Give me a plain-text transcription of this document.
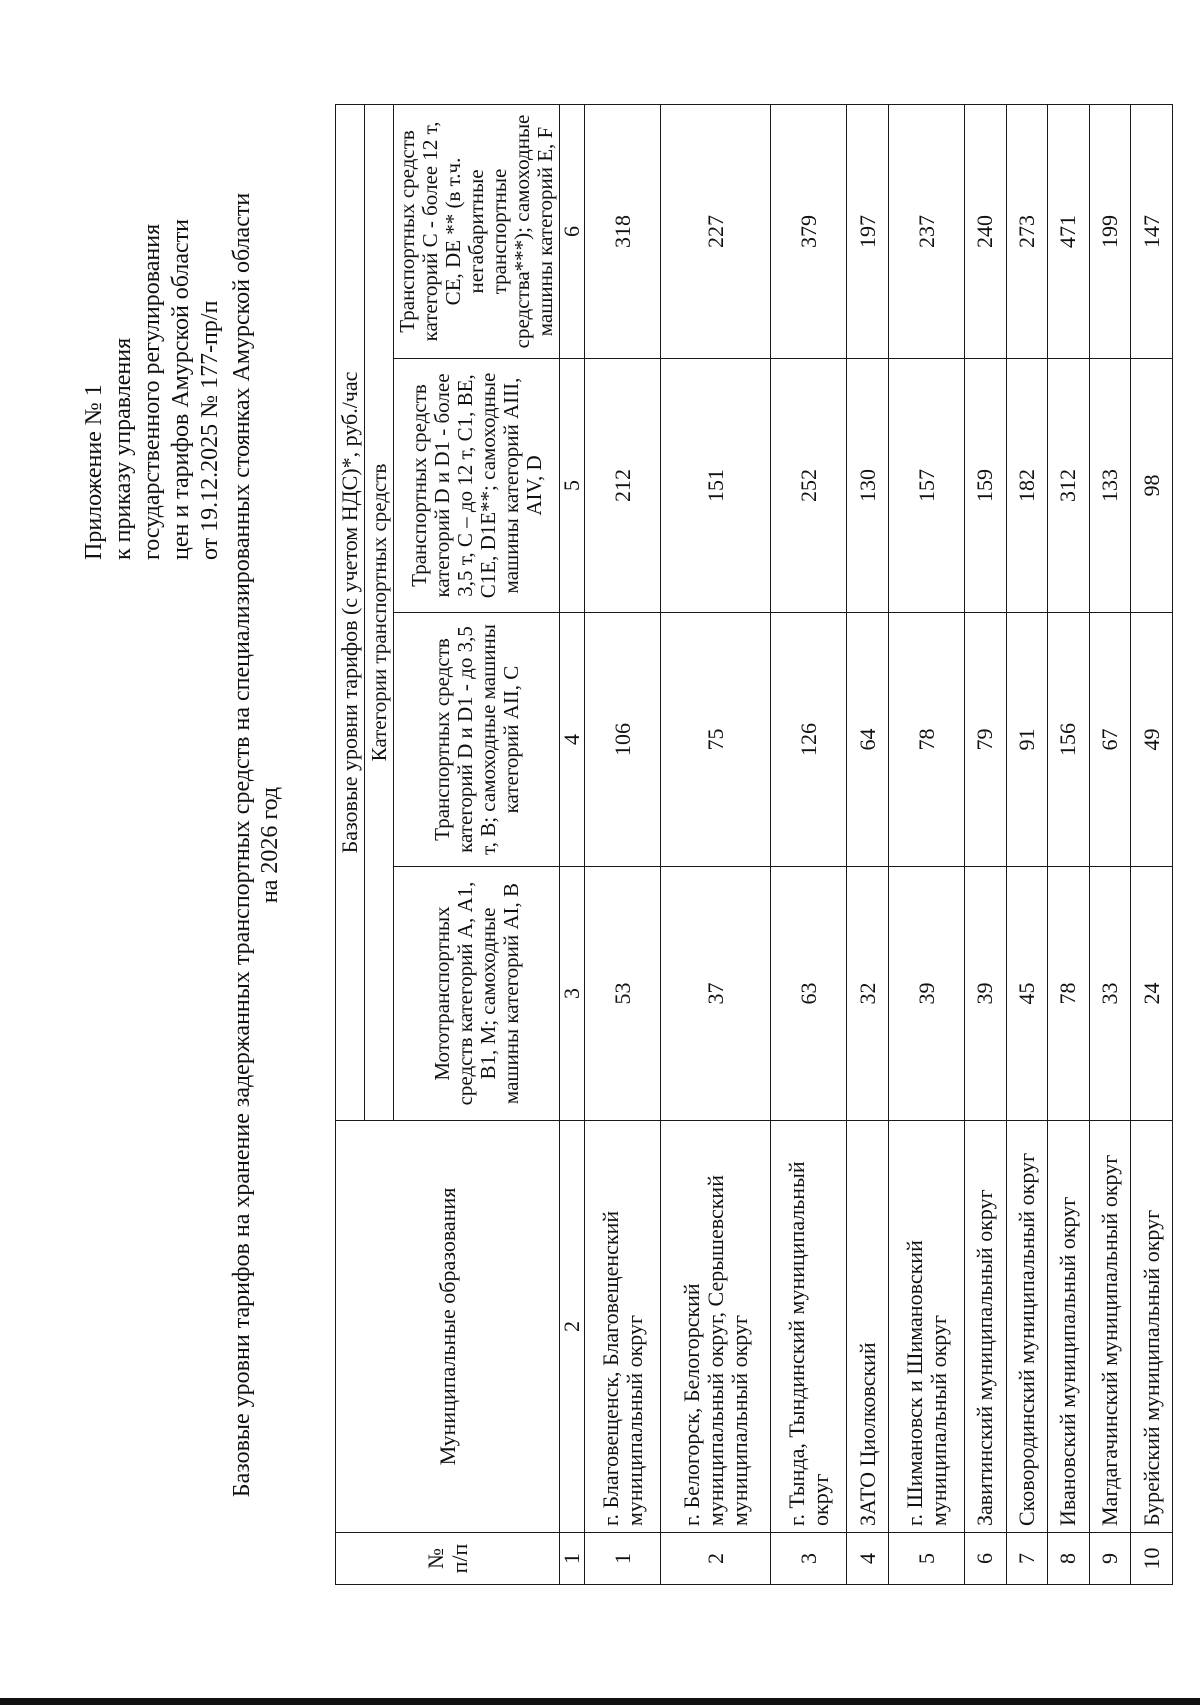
Приложение № 1 к приказу управления государственного регулирования цен и тарифов Амурской области от 19.12.2025 № 177-пр/п Базовые уровни тарифов на хранение задержанных транспортных средств на специализированных стоянках Амурской области на 2026 год
№ п/п	Муниципальные образования	Базовые уровни тарифов (с учетом НДС)*, руб./час			
		Категории транспортных средств			
		Мототранспортных средств категорий А, А1, В1, М; самоходные машины категорий AI, B	Транспортных средств категорий D и D1 - до 3,5 т, В; самоходные машины категорий AII, С	Транспортных средств категорий D и D1 - более 3,5 т, С – до 12 т, С1, BE, C1E, D1E**; самоходные машины категорий AIII, AIV, D	Транспортных средств категорий C - более 12 т, CE, DE ** (в т.ч. негабаритные транспортные средства***); самоходные машины категорий E, F
1	2	3	4	5	6
1	г. Благовещенск, Благовещенский муниципальный округ	53	106	212	318
2	г. Белогорск, Белогорский муниципальный округ, Серышевский муниципальный округ	37	75	151	227
3	г. Тында, Тындинский муниципальный округ	63	126	252	379
4	ЗАТО Циолковский	32	64	130	197
5	г. Шимановск и Шимановский муниципальный округ	39	78	157	237
6	Завитинский муниципальный округ	39	79	159	240
7	Сковородинский муниципальный округ	45	91	182	273
8	Ивановский муниципальный округ	78	156	312	471
9	Магдагачинский муниципальный округ	33	67	133	199
10	Бурейский муниципальный округ	24	49	98	147
